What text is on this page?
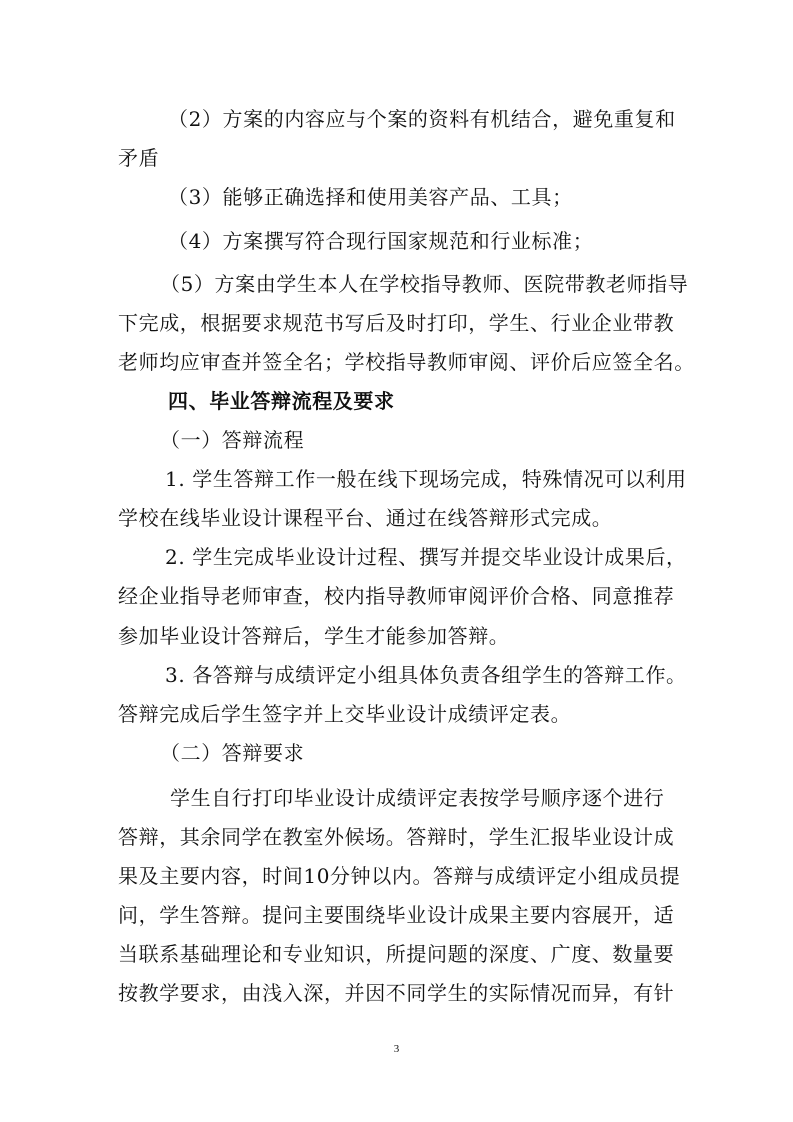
（2）方案的内容应与个案的资料有机结合，避免重复和
矛盾
（3）能够正确选择和使用美容产品、工具；
（4）方案撰写符合现行国家规范和行业标准；
（5）方案由学生本人在学校指导教师、医院带教老师指导
下完成，根据要求规范书写后及时打印，学生、行业企业带教
老师均应审查并签全名；学校指导教师审阅、评价后应签全名。
四、毕业答辩流程及要求
（一）答辩流程
1. 学生答辩工作一般在线下现场完成，特殊情况可以利用
学校在线毕业设计课程平台、通过在线答辩形式完成。
2. 学生完成毕业设计过程、撰写并提交毕业设计成果后，
经企业指导老师审查，校内指导教师审阅评价合格、同意推荐
参加毕业设计答辩后，学生才能参加答辩。
3. 各答辩与成绩评定小组具体负责各组学生的答辩工作。
答辩完成后学生签字并上交毕业设计成绩评定表。
（二）答辩要求
学生自行打印毕业设计成绩评定表按学号顺序逐个进行
答辩，其余同学在教室外候场。答辩时，学生汇报毕业设计成
果及主要内容，时间10分钟以内。答辩与成绩评定小组成员提
问，学生答辩。提问主要围绕毕业设计成果主要内容展开，适
当联系基础理论和专业知识，所提问题的深度、广度、数量要
按教学要求，由浅入深，并因不同学生的实际情况而异，有针
3
